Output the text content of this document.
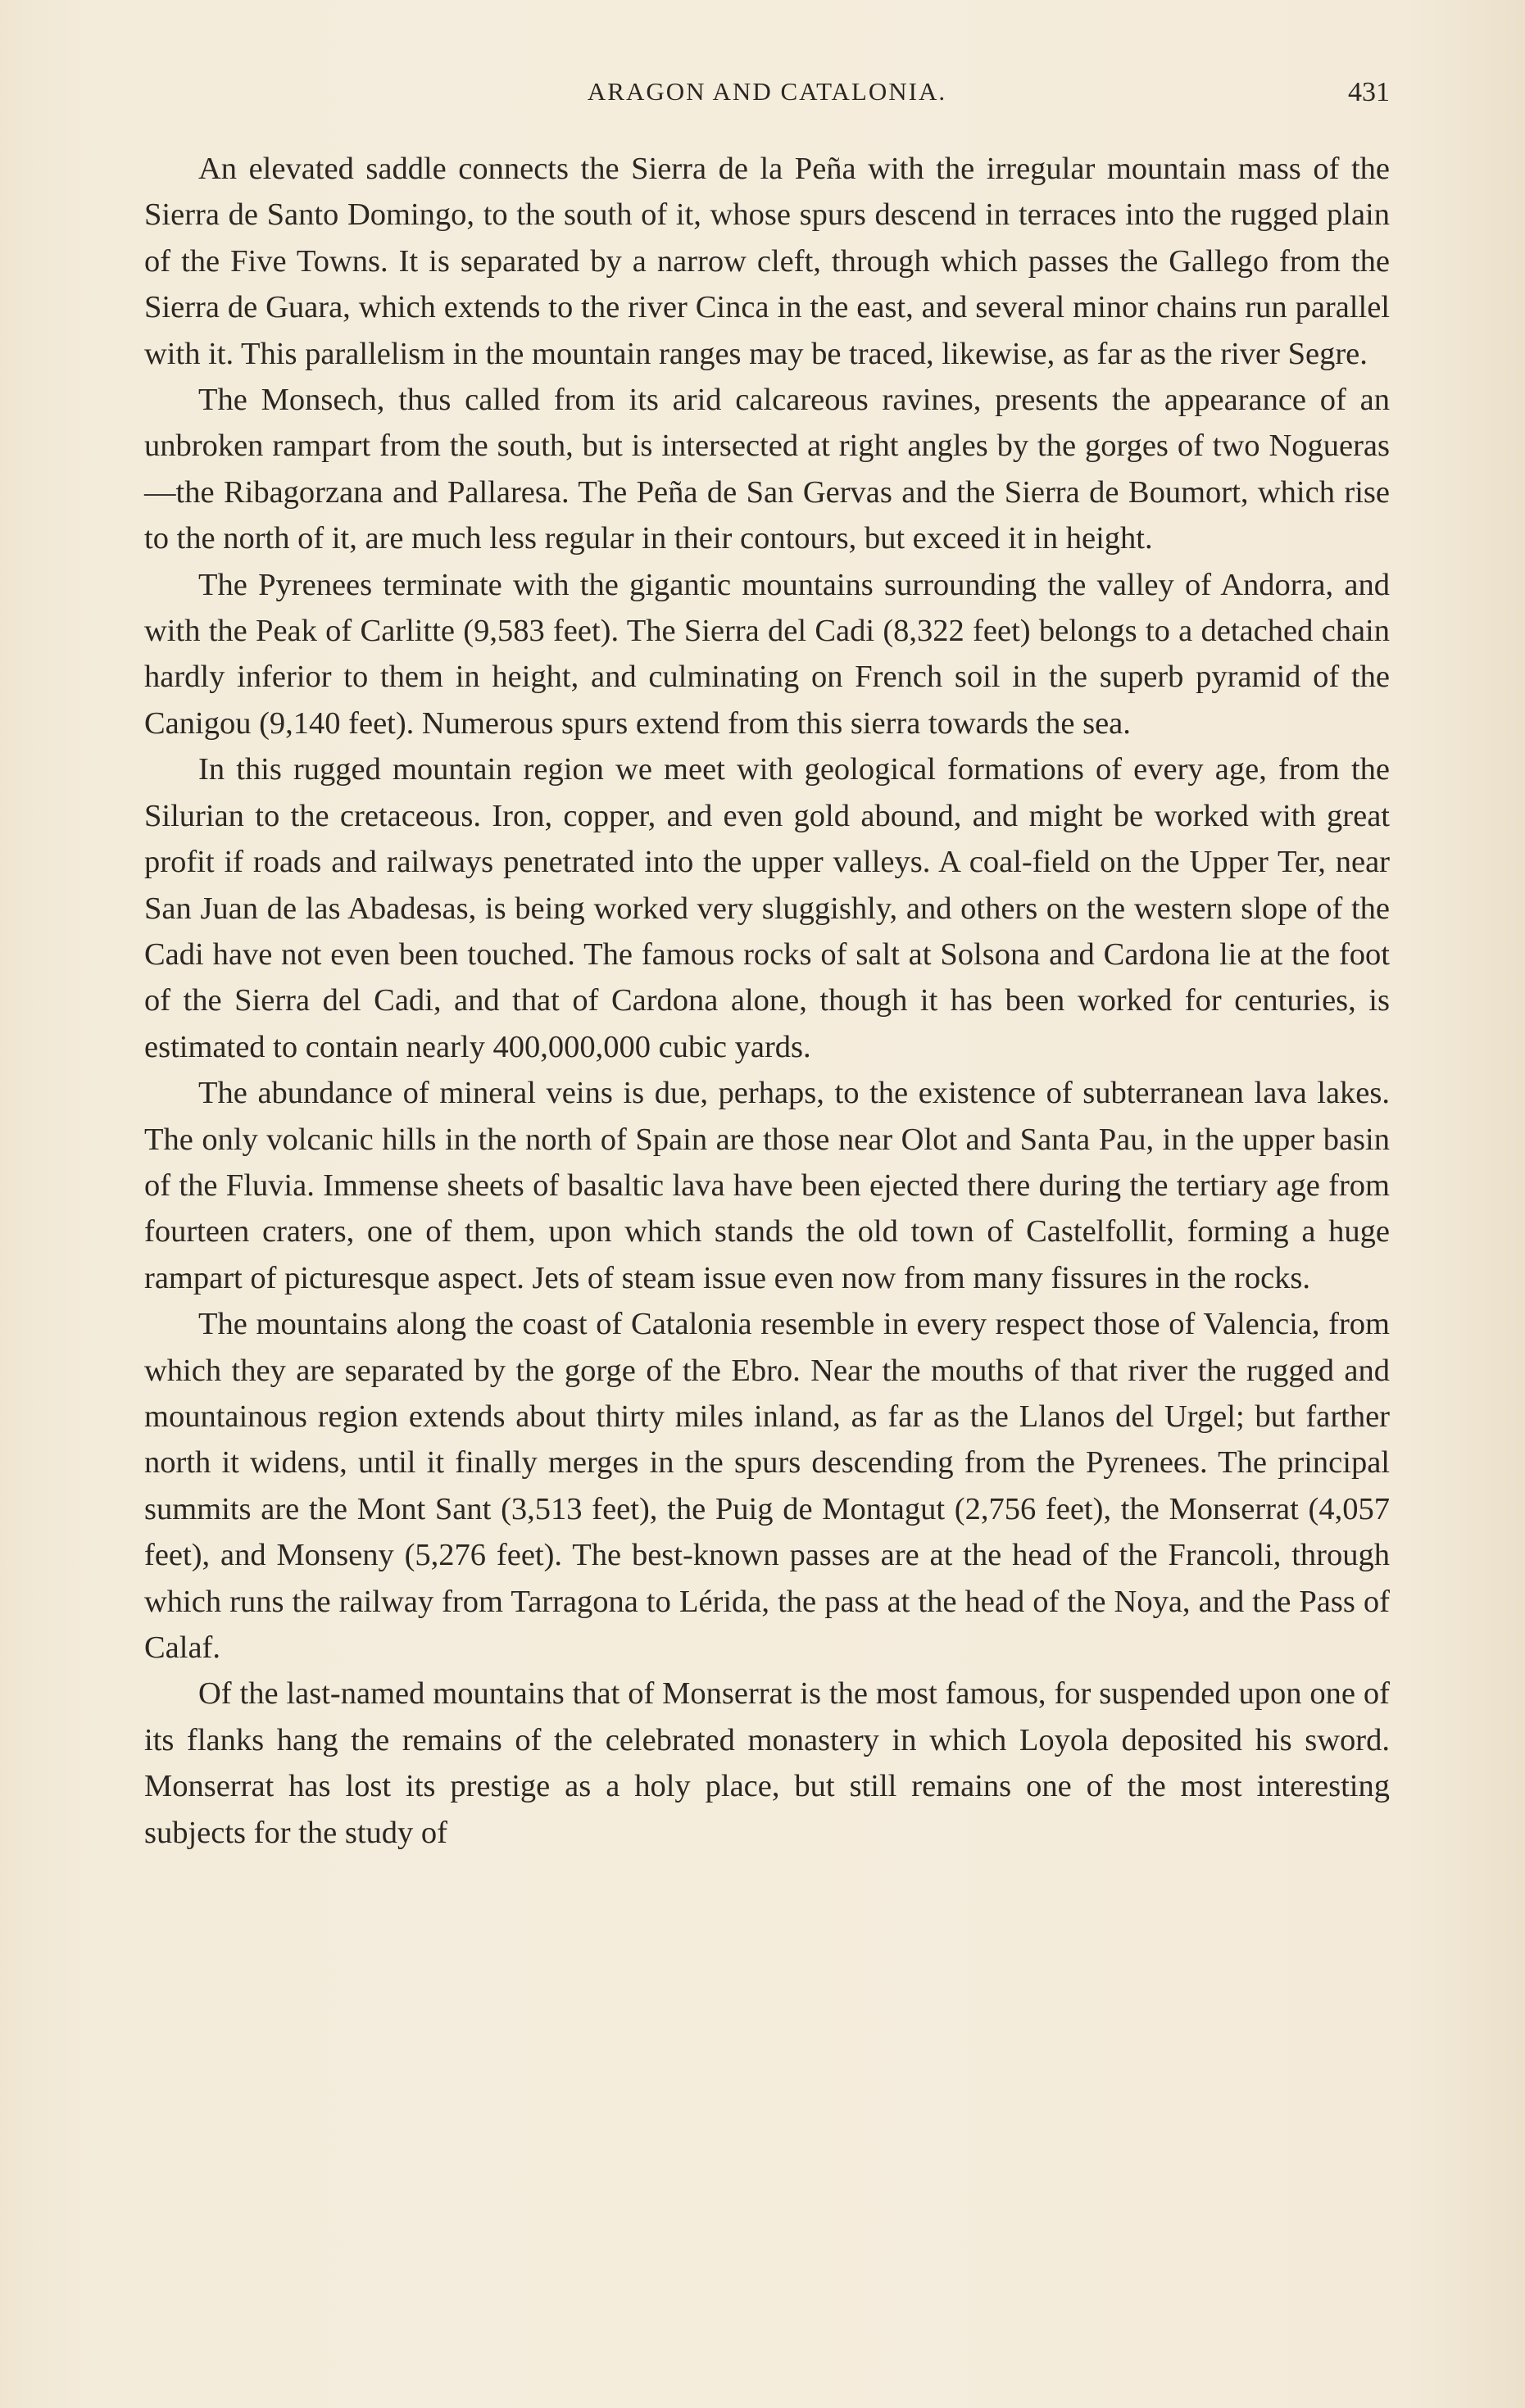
ARAGON AND CATALONIA.	431

An elevated saddle connects the Sierra de la Peña with the irregular mountain mass of the Sierra de Santo Domingo, to the south of it, whose spurs descend in terraces into the rugged plain of the Five Towns. It is separated by a narrow cleft, through which passes the Gallego from the Sierra de Guara, which extends to the river Cinca in the east, and several minor chains run parallel with it. This parallelism in the mountain ranges may be traced, likewise, as far as the river Segre.

The Monsech, thus called from its arid calcareous ravines, presents the appearance of an unbroken rampart from the south, but is intersected at right angles by the gorges of two Nogueras—the Ribagorzana and Pallaresa. The Peña de San Gervas and the Sierra de Boumort, which rise to the north of it, are much less regular in their contours, but exceed it in height.

The Pyrenees terminate with the gigantic mountains surrounding the valley of Andorra, and with the Peak of Carlitte (9,583 feet). The Sierra del Cadi (8,322 feet) belongs to a detached chain hardly inferior to them in height, and culminating on French soil in the superb pyramid of the Canigou (9,140 feet). Numerous spurs extend from this sierra towards the sea.

In this rugged mountain region we meet with geological formations of every age, from the Silurian to the cretaceous. Iron, copper, and even gold abound, and might be worked with great profit if roads and railways penetrated into the upper valleys. A coal-field on the Upper Ter, near San Juan de las Abadesas, is being worked very sluggishly, and others on the western slope of the Cadi have not even been touched. The famous rocks of salt at Solsona and Cardona lie at the foot of the Sierra del Cadi, and that of Cardona alone, though it has been worked for centuries, is estimated to contain nearly 400,000,000 cubic yards.

The abundance of mineral veins is due, perhaps, to the existence of subterranean lava lakes. The only volcanic hills in the north of Spain are those near Olot and Santa Pau, in the upper basin of the Fluvia. Immense sheets of basaltic lava have been ejected there during the tertiary age from fourteen craters, one of them, upon which stands the old town of Castelfollit, forming a huge rampart of picturesque aspect. Jets of steam issue even now from many fissures in the rocks.

The mountains along the coast of Catalonia resemble in every respect those of Valencia, from which they are separated by the gorge of the Ebro. Near the mouths of that river the rugged and mountainous region extends about thirty miles inland, as far as the Llanos del Urgel; but farther north it widens, until it finally merges in the spurs descending from the Pyrenees. The principal summits are the Mont Sant (3,513 feet), the Puig de Montagut (2,756 feet), the Monserrat (4,057 feet), and Monseny (5,276 feet). The best-known passes are at the head of the Francoli, through which runs the railway from Tarragona to Lérida, the pass at the head of the Noya, and the Pass of Calaf.

Of the last-named mountains that of Monserrat is the most famous, for suspended upon one of its flanks hang the remains of the celebrated monastery in which Loyola deposited his sword. Monserrat has lost its prestige as a holy place, but still remains one of the most interesting subjects for the study of
